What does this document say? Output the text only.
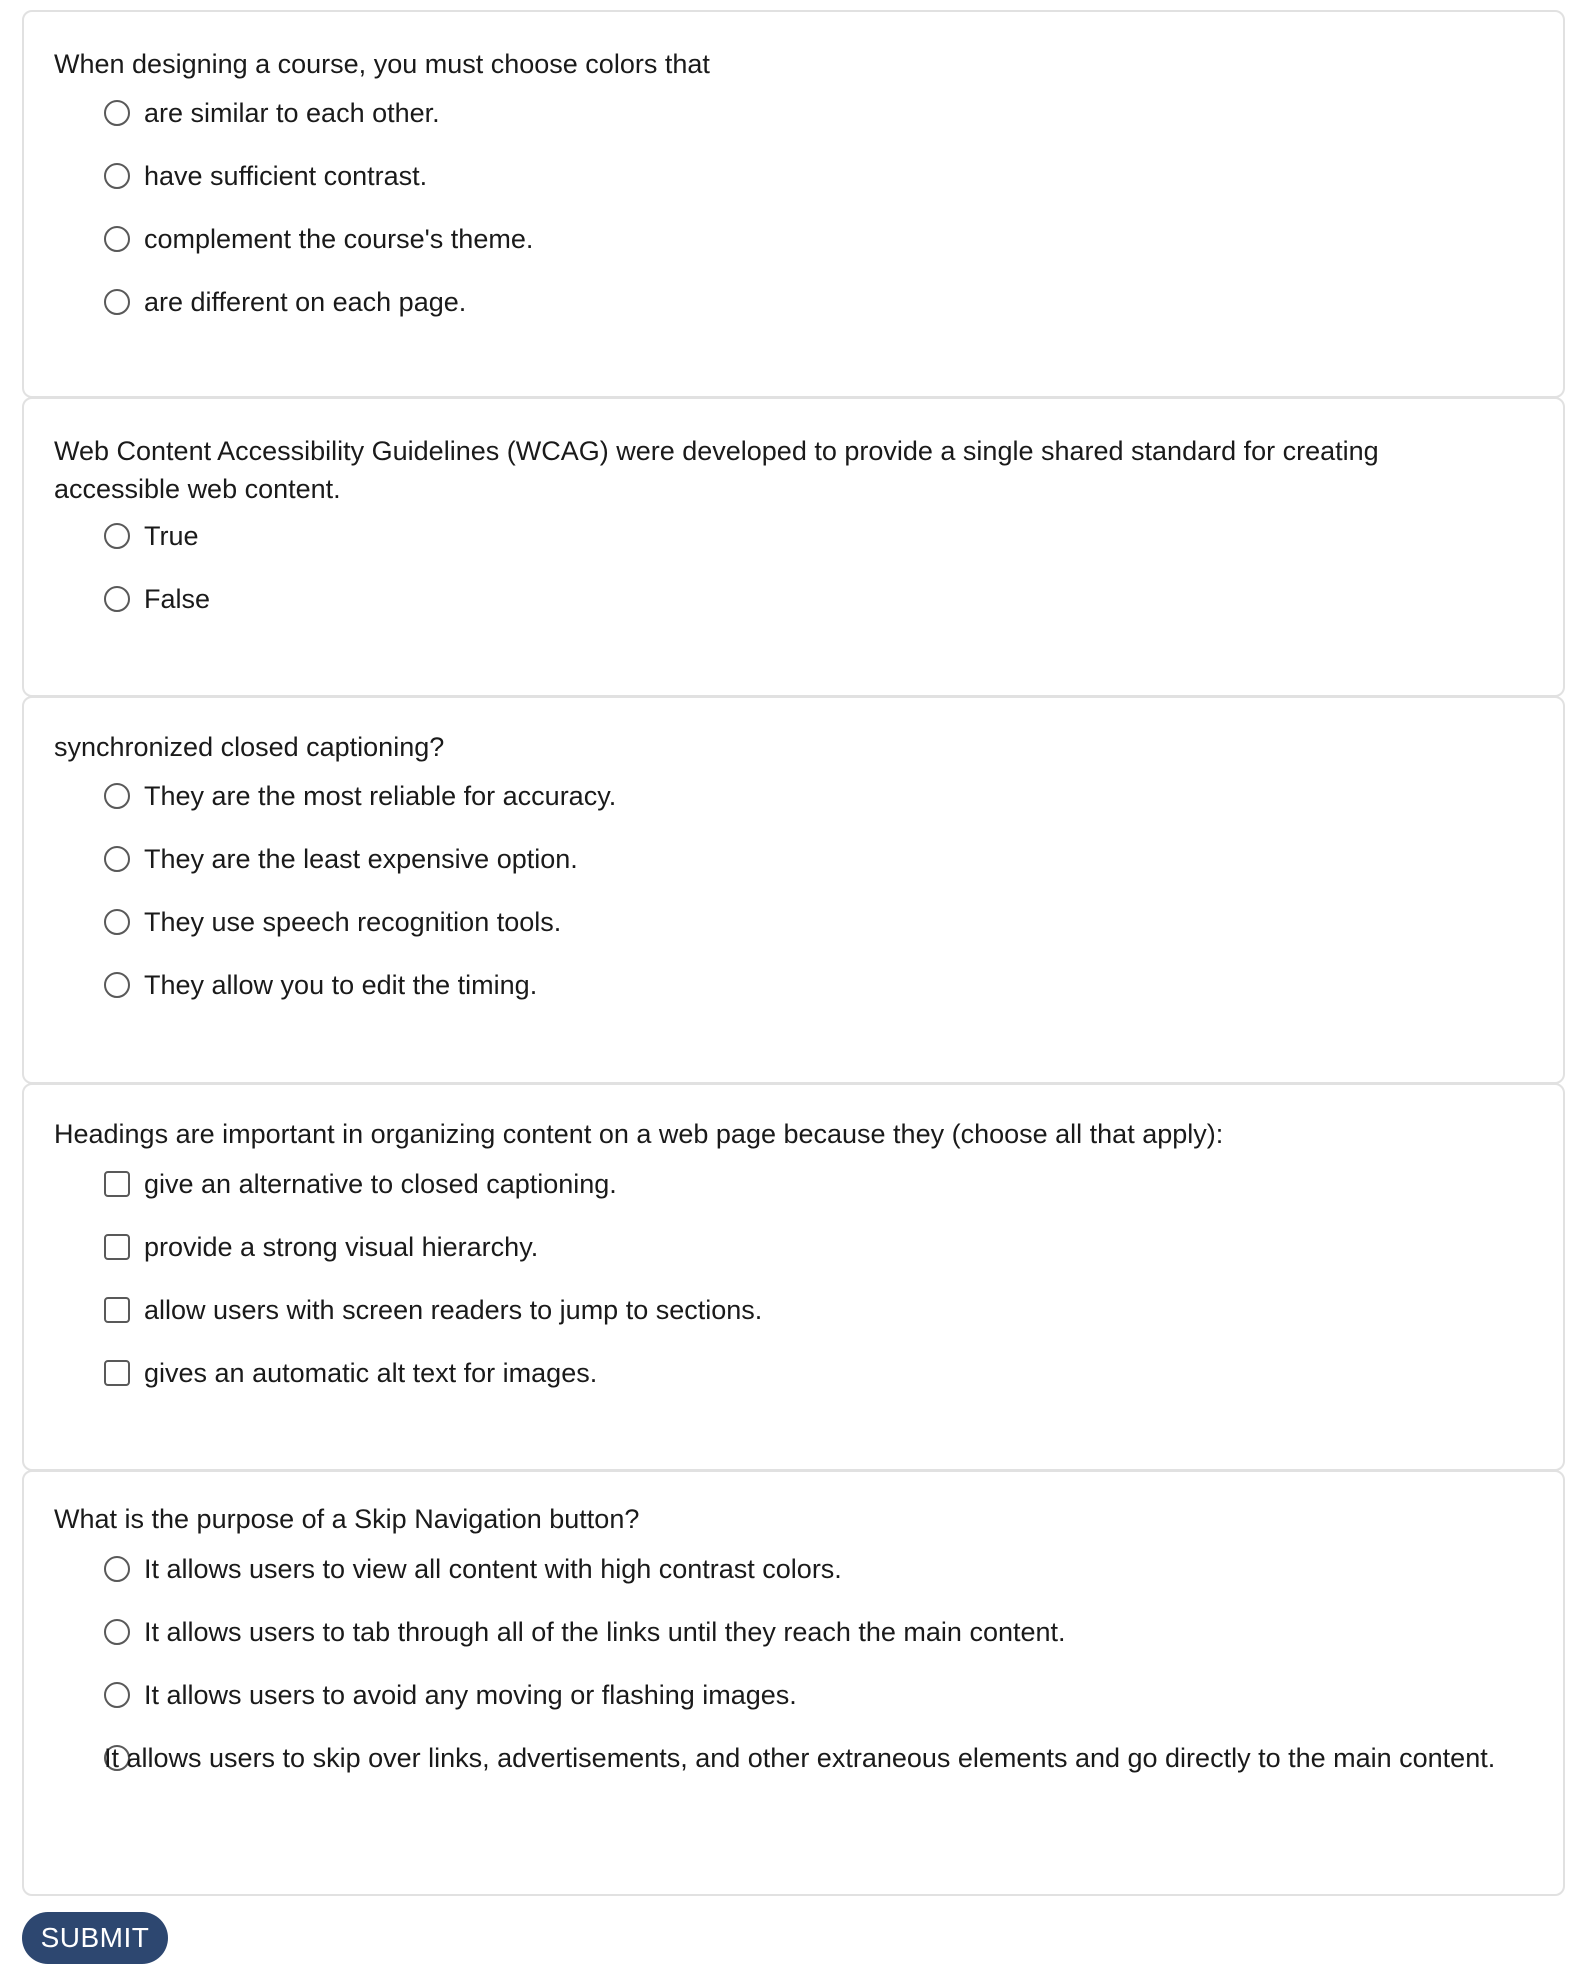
When designing a course, you must choose colors that

are similar to each other.
have sufficient contrast.
complement the course's theme.
are different on each page.

Web Content Accessibility Guidelines (WCAG) were developed to provide a single shared standard for creating accessible web content.

True
False

synchronized closed captioning?

They are the most reliable for accuracy.
They are the least expensive option.
They use speech recognition tools.
They allow you to edit the timing.

Headings are important in organizing content on a web page because they (choose all that apply):

give an alternative to closed captioning.
provide a strong visual hierarchy.
allow users with screen readers to jump to sections.
gives an automatic alt text for images.

What is the purpose of a Skip Navigation button?

It allows users to view all content with high contrast colors.
It allows users to tab through all of the links until they reach the main content.
It allows users to avoid any moving or flashing images.
It allows users to skip over links, advertisements, and other extraneous elements and go directly to the main content.
SUBMIT
